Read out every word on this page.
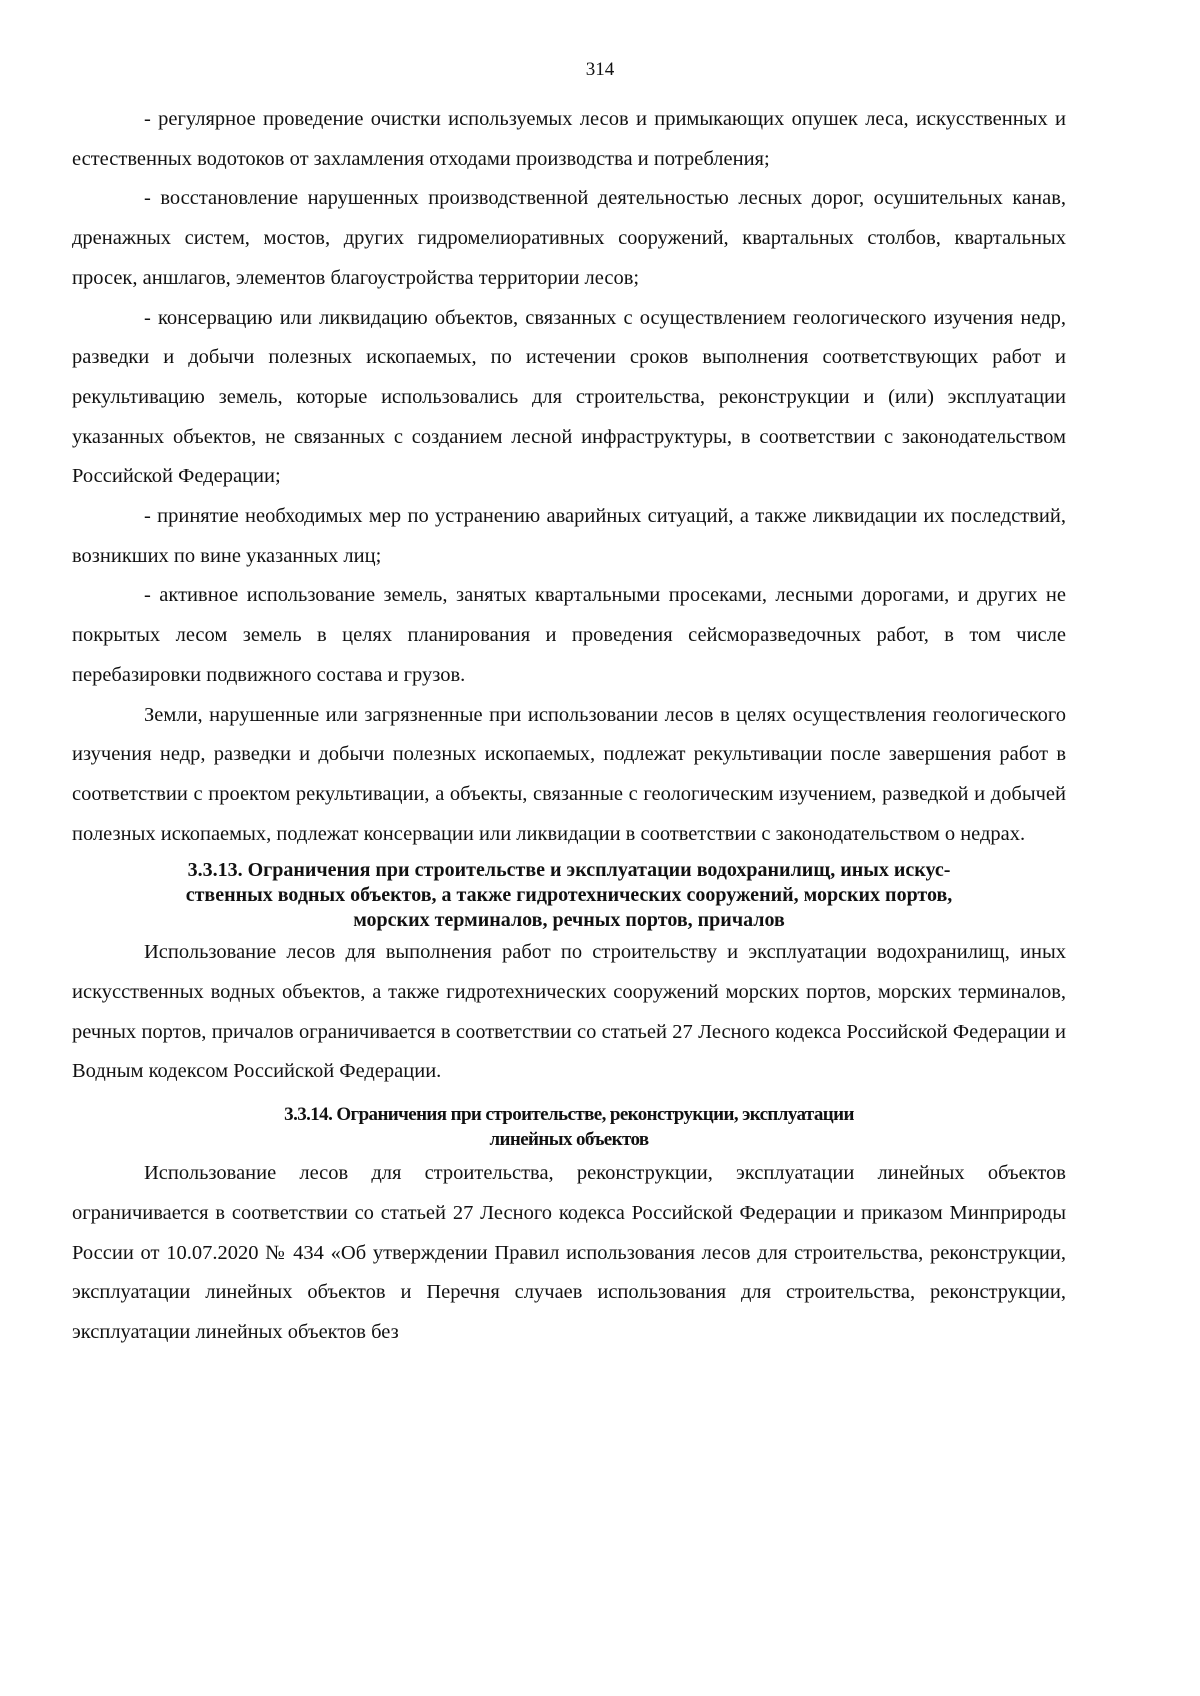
314

- регулярное проведение очистки используемых лесов и примыкающих опушек леса, искусственных и естественных водотоков от захламления отходами производства и потребления;

- восстановление нарушенных производственной деятельностью лесных дорог, осушительных канав, дренажных систем, мостов, других гидромелиоративных сооружений, квартальных столбов, квартальных просек, аншлагов, элементов благоустройства территории лесов;

- консервацию или ликвидацию объектов, связанных с осуществлением геологического изучения недр, разведки и добычи полезных ископаемых, по истечении сроков выполнения соответствующих работ и рекультивацию земель, которые использовались для строительства, реконструкции и (или) эксплуатации указанных объектов, не связанных с созданием лесной инфраструктуры, в соответствии с законодательством Российской Федерации;

- принятие необходимых мер по устранению аварийных ситуаций, а также ликвидации их последствий, возникших по вине указанных лиц;

- активное использование земель, занятых квартальными просеками, лесными дорогами, и других не покрытых лесом земель в целях планирования и проведения сейсморазведочных работ, в том числе перебазировки подвижного состава и грузов.

Земли, нарушенные или загрязненные при использовании лесов в целях осуществления геологического изучения недр, разведки и добычи полезных ископаемых, подлежат рекультивации после завершения работ в соответствии с проектом рекультивации, а объекты, связанные с геологическим изучением, разведкой и добычей полезных ископаемых, подлежат консервации или ликвидации в соответствии с законодательством о недрах.

3.3.13. Ограничения при строительстве и эксплуатации водохранилищ, иных искус-
ственных водных объектов, а также гидротехнических сооружений, морских портов,
морских терминалов, речных портов, причалов

Использование лесов для выполнения работ по строительству и эксплуатации водохранилищ, иных искусственных водных объектов, а также гидротехнических сооружений морских портов, морских терминалов, речных портов, причалов ограничивается в соответствии со статьей 27 Лесного кодекса Российской Федерации и Водным кодексом Российской Федерации.

3.3.14. Ограничения при строительстве, реконструкции, эксплуатации
линейных объектов

Использование лесов для строительства, реконструкции, эксплуатации линейных объектов ограничивается в соответствии со статьей 27 Лесного кодекса Российской Федерации и приказом Минприроды России от 10.07.2020 № 434 «Об утверждении Правил использования лесов для строительства, реконструкции, эксплуатации линейных объектов и Перечня случаев использования для строительства, реконструкции, эксплуатации линейных объектов без
